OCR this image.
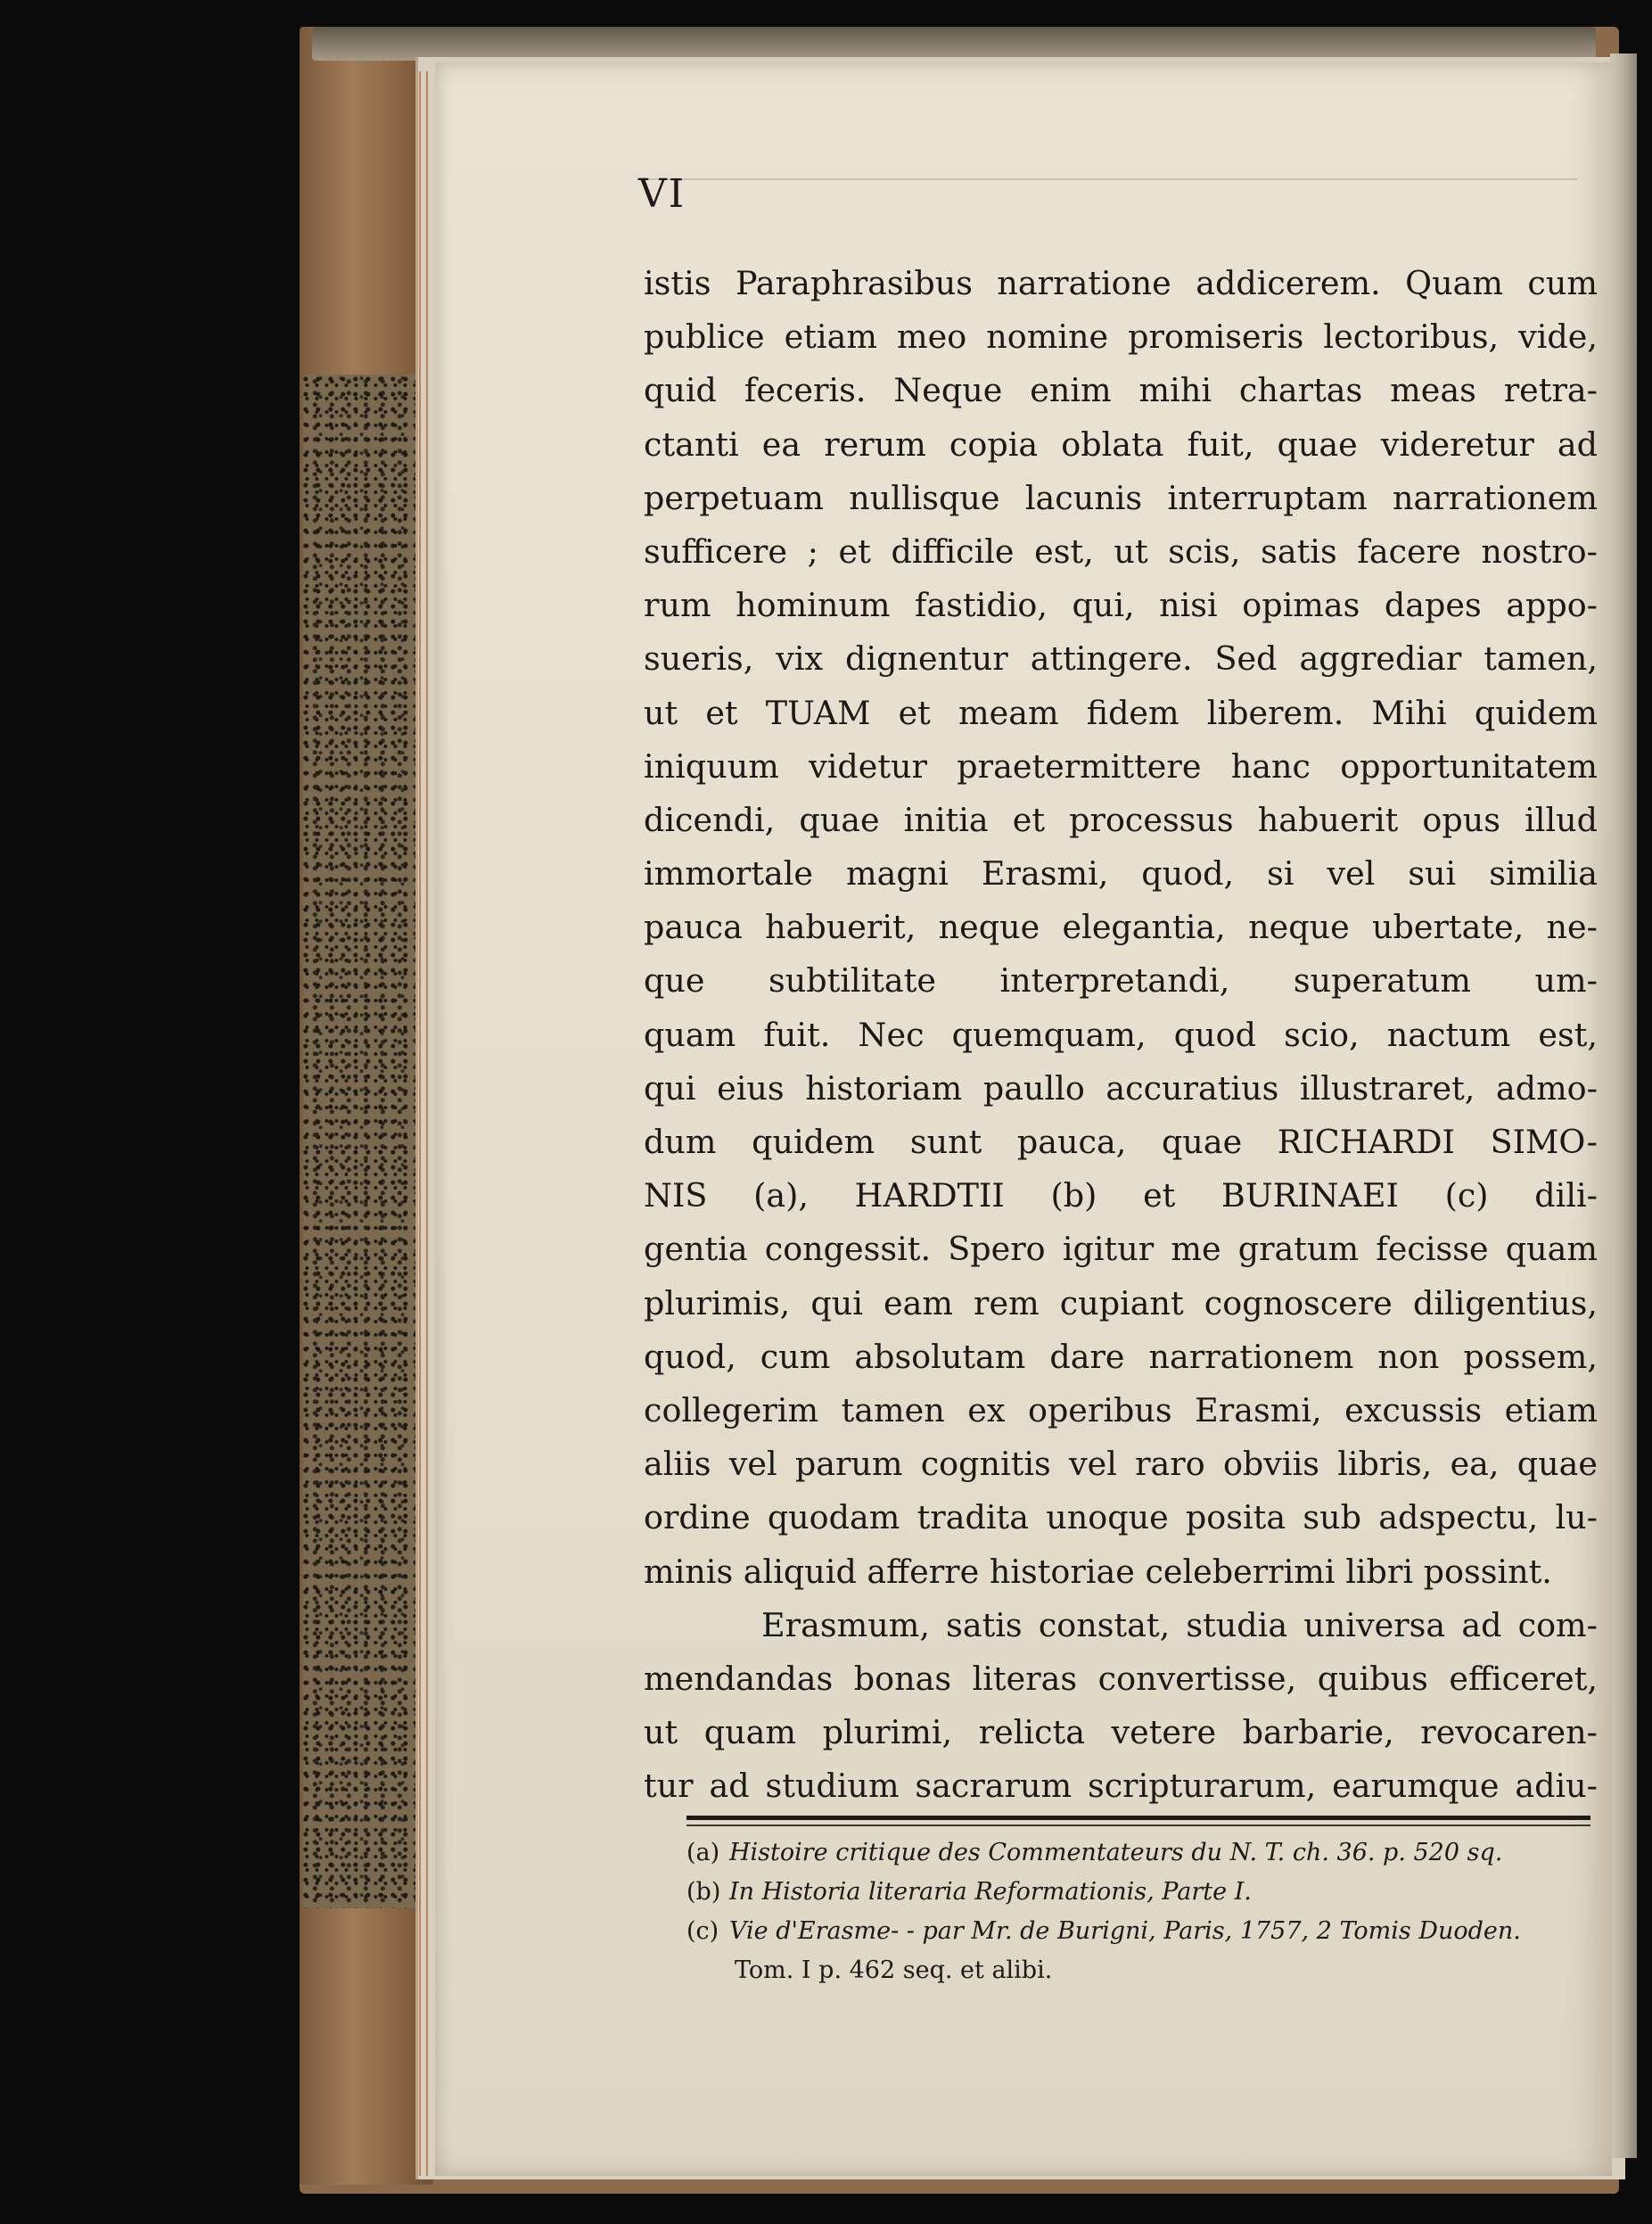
VI
istis Paraphrasibus narratione addicerem. Quam cum
publice etiam meo nomine promiseris lectoribus, vide,
quid feceris. Neque enim mihi chartas meas retra-
ctanti ea rerum copia oblata fuit, quae videretur ad
perpetuam nullisque lacunis interruptam narrationem
sufficere ; et difficile est, ut scis, satis facere nostro-
rum hominum fastidio, qui, nisi opimas dapes appo-
sueris, vix dignentur attingere. Sed aggrediar tamen,
ut et TUAM et meam fidem liberem. Mihi quidem
iniquum videtur praetermittere hanc opportunitatem
dicendi, quae initia et processus habuerit opus illud
immortale magni Erasmi, quod, si vel sui similia
pauca habuerit, neque elegantia, neque ubertate, ne-
que subtilitate interpretandi, superatum um-
quam fuit. Nec quemquam, quod scio, nactum est,
qui eius historiam paullo accuratius illustraret, admo-
dum quidem sunt pauca, quae RICHARDI SIMO-
NIS (a), HARDTII (b) et BURINAEI (c) dili-
gentia congessit. Spero igitur me gratum fecisse quam
plurimis, qui eam rem cupiant cognoscere diligentius,
quod, cum absolutam dare narrationem non possem,
collegerim tamen ex operibus Erasmi, excussis etiam
aliis vel parum cognitis vel raro obviis libris, ea, quae
ordine quodam tradita unoque posita sub adspectu, lu-
minis aliquid afferre historiae celeberrimi libri possint.
Erasmum, satis constat, studia universa ad com-
mendandas bonas literas convertisse, quibus efficeret,
ut quam plurimi, relicta vetere barbarie, revocaren-
tur ad studium sacrarum scripturarum, earumque adiu-
(a) Histoire critique des Commentateurs du N. T. ch. 36. p. 520 sq.
(b) In Historia literaria Reformationis, Parte I.
(c) Vie d'Erasme- - par Mr. de Burigni, Paris, 1757, 2 Tomis Duoden.
Tom. I p. 462 seq. et alibi.
